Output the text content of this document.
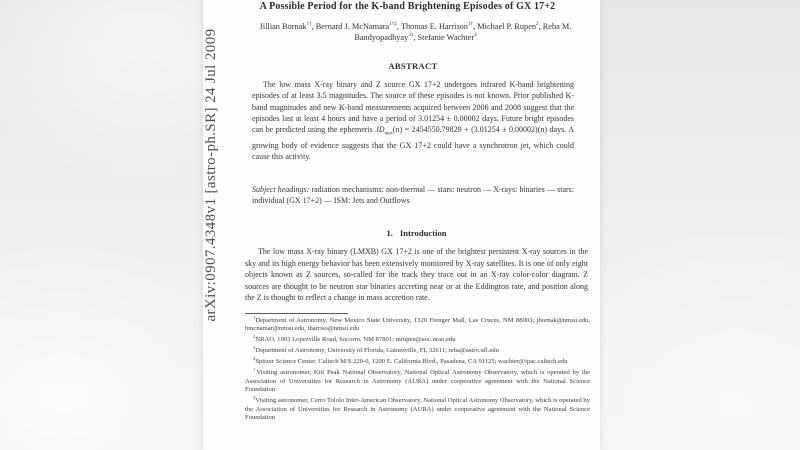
arXiv:0907.4348v1 [astro-ph.SR] 24 Jul 2009
A Possible Period for the K-band Brightening Episodes of GX 17+2
Jillian Bornak$^{1\dagger}$, Bernard J. McNamara$^{1\dagger\ddagger}$, Thomas E. Harrison$^{1\dagger}$, Michael P. Rupen$^2$, Reba M. Bandyopadhyay$^{3\ddagger}$, Stefanie Wachter$^4$
ABSTRACT
The low mass X-ray binary and Z source GX 17+2 undergoes infrared K-band brightening episodes of at least 3.5 magnitudes. The source of these episodes is not known. Prior published K-band magnitudes and new K-band measurements acquired between 2006 and 2008 suggest that the episodes last at least 4 hours and have a period of 3.01254 ± 0.00002 days. Future bright episodes can be predicted using the ephemeris $JD_{max}(n) = 2454550.79829 + (3.01254 \pm 0.00002)(n)$ days. A growing body of evidence suggests that the GX 17+2 could have a synchrotron jet, which could cause this activity.
Subject headings: radiation mechanisms: non-thermal — stars: neutron — X-rays: binaries — stars: individual (GX 17+2) — ISM: Jets and Outflows
1. Introduction
The low mass X-ray binary (LMXB) GX 17+2 is one of the brightest persistent X-ray sources in the sky and its high energy behavior has been extensively monitored by X-ray satellites. It is one of only eight objects known as Z sources, so-called for the track they trace out in an X-ray color-color diagram. Z sources are thought to be neutron star binaries accreting near or at the Eddington rate, and position along the Z is thought to reflect a change in mass accretion rate.
$^1$Department of Astronomy, New Mexico State University, 1320 Frenger Mall, Las Cruces, NM 88003; jbornak@nmsu.edu, bmcnamar@nmsu.edu, tharriso@nmsu.edu
$^2$NRAO, 1003 Lopezville Road, Socorro, NM 87801; mrupen@aoc.nrao.edu
$^3$Department of Astronomy, University of Florida, Gainesville, FL 32611; reba@astro.ufl.edu
$^4$Spitzer Science Center, Caltech M/S 220-6, 1200 E. California Blvd., Pasadena, CA 91125; wachter@ipac.caltech.edu
†Visiting astronomer, Kitt Peak National Observatory, National Optical Astronomy Observatory, which is operated by the Association of Universities for Research in Astronomy (AURA) under cooperative agreement with the National Science Foundation
‡Visiting astronomer, Cerro Tololo Inter-American Observatory, National Optical Astronomy Observatory, which is operated by the Association of Universities for Research in Astronomy (AURA) under cooperative agreement with the National Science Foundation
